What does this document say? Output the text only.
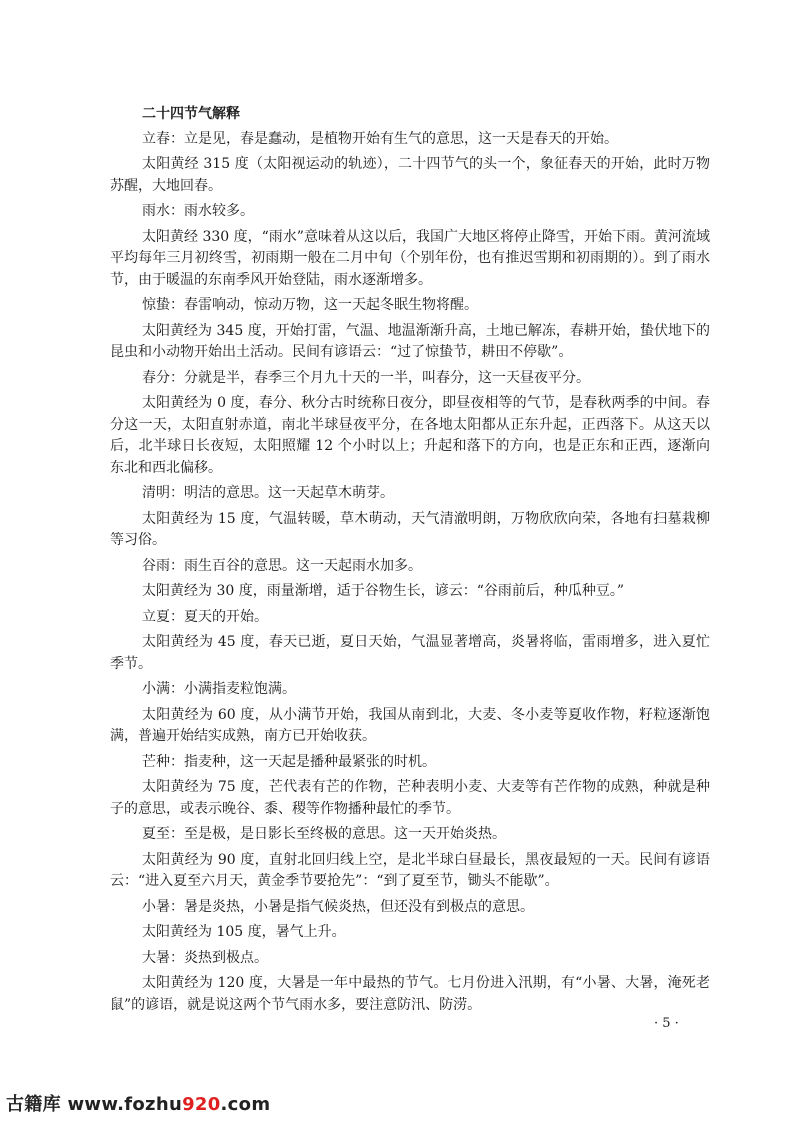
二十四节气解释

立春：立是见，春是蠢动，是植物开始有生气的意思，这一天是春天的开始。

太阳黄经 315 度（太阳视运动的轨迹），二十四节气的头一个，象征春天的开始，此时万物苏醒，大地回春。

雨水：雨水较多。

太阳黄经 330 度，“雨水”意味着从这以后，我国广大地区将停止降雪，开始下雨。黄河流域平均每年三月初终雪，初雨期一般在二月中旬（个别年份，也有推迟雪期和初雨期的）。到了雨水节，由于暖温的东南季风开始登陆，雨水逐渐增多。

惊蛰：春雷响动，惊动万物，这一天起冬眠生物将醒。

太阳黄经为 345 度，开始打雷，气温、地温渐渐升高，土地已解冻，春耕开始，蛰伏地下的昆虫和小动物开始出土活动。民间有谚语云：“过了惊蛰节，耕田不停歇”。

春分：分就是半，春季三个月九十天的一半，叫春分，这一天昼夜平分。

太阳黄经为 0 度，春分、秋分古时统称日夜分，即昼夜相等的气节，是春秋两季的中间。春分这一天，太阳直射赤道，南北半球昼夜平分，在各地太阳都从正东升起，正西落下。从这天以后，北半球日长夜短，太阳照耀 12 个小时以上；升起和落下的方向，也是正东和正西，逐渐向东北和西北偏移。

清明：明洁的意思。这一天起草木萌芽。

太阳黄经为 15 度，气温转暖，草木萌动，天气清澈明朗，万物欣欣向荣，各地有扫墓栽柳等习俗。

谷雨：雨生百谷的意思。这一天起雨水加多。

太阳黄经为 30 度，雨量渐增，适于谷物生长，谚云：“谷雨前后，种瓜种豆。”

立夏：夏天的开始。

太阳黄经为 45 度，春天已逝，夏日天始，气温显著增高，炎暑将临，雷雨增多，进入夏忙季节。

小满：小满指麦粒饱满。

太阳黄经为 60 度，从小满节开始，我国从南到北，大麦、冬小麦等夏收作物，籽粒逐渐饱满，普遍开始结实成熟，南方已开始收获。

芒种：指麦种，这一天起是播种最紧张的时机。

太阳黄经为 75 度，芒代表有芒的作物，芒种表明小麦、大麦等有芒作物的成熟，种就是种子的意思，或表示晚谷、黍、稷等作物播种最忙的季节。

夏至：至是极，是日影长至终极的意思。这一天开始炎热。

太阳黄经为 90 度，直射北回归线上空，是北半球白昼最长，黑夜最短的一天。民间有谚语云：“进入夏至六月天，黄金季节要抢先”：“到了夏至节，锄头不能歇”。

小暑：暑是炎热，小暑是指气候炎热，但还没有到极点的意思。

太阳黄经为 105 度，暑气上升。

大暑：炎热到极点。

太阳黄经为 120 度，大暑是一年中最热的节气。七月份进入汛期，有“小暑、大暑，淹死老鼠”的谚语，就是说这两个节气雨水多，要注意防汛、防涝。

· 5 ·
古籍库 www.fozhu920.com
